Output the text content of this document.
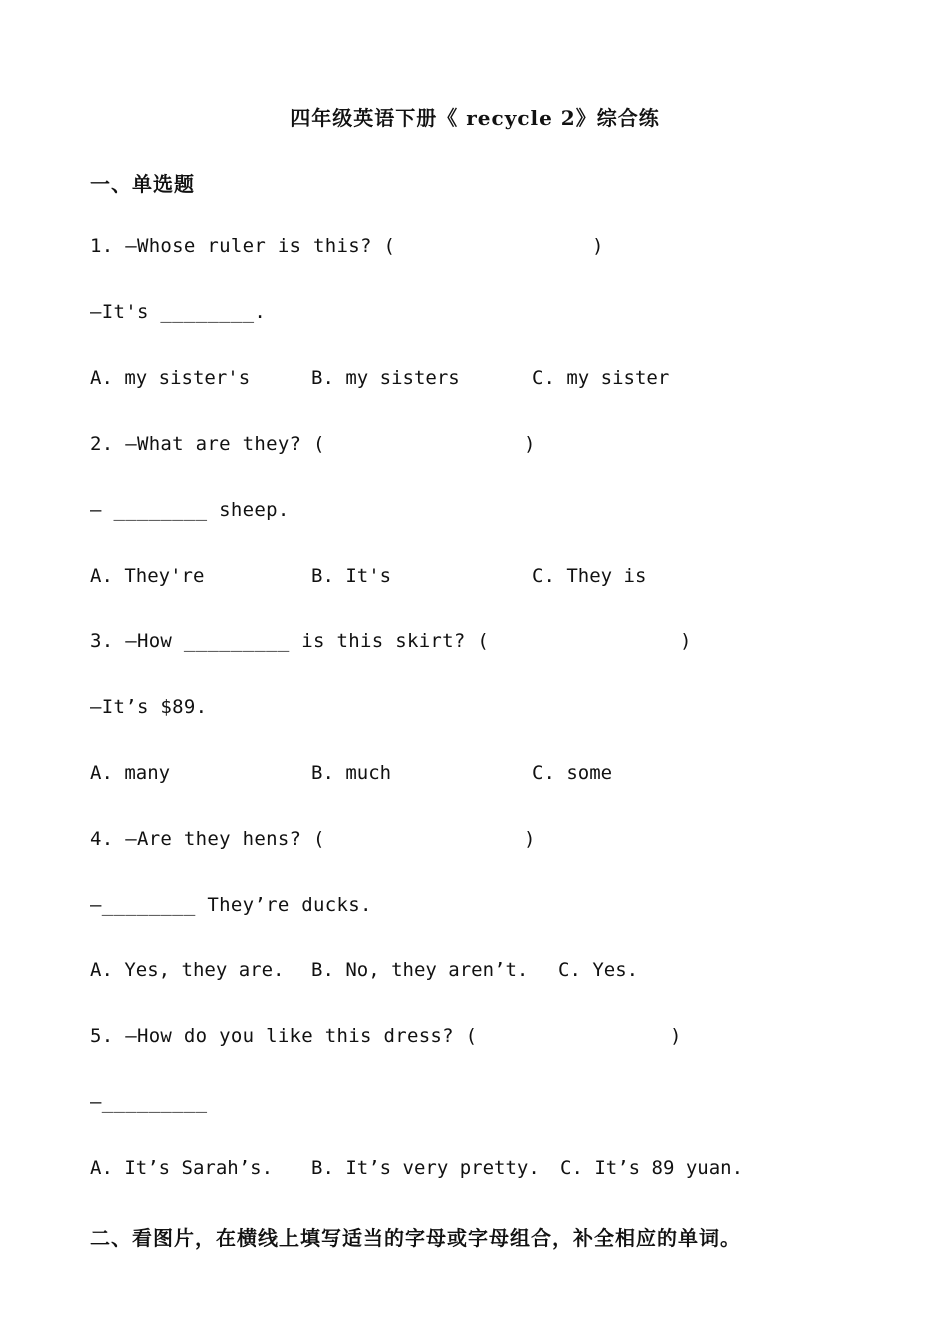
四年级英语下册《 recycle 2》综合练
一、单选题
1. —Whose ruler is this? (	)
—It's ________.
A. my sister's	B. my sisters	C. my sister
2. —What are they? (	)
— ________ sheep.
A. They're	B. It's	C. They is
3. —How _________ is this skirt? (	)
—It’s $89.
A. many	B. much	C. some
4. —Are they hens? (	)
—________ They’re ducks.
A. Yes, they are. B. No, they aren’t. C. Yes.
5. —How do you like this dress? (	)
—_________
A. It’s Sarah’s. B. It’s very pretty. C. It’s 89 yuan.
二、看图片，在横线上填写适当的字母或字母组合，补全相应的单词。
